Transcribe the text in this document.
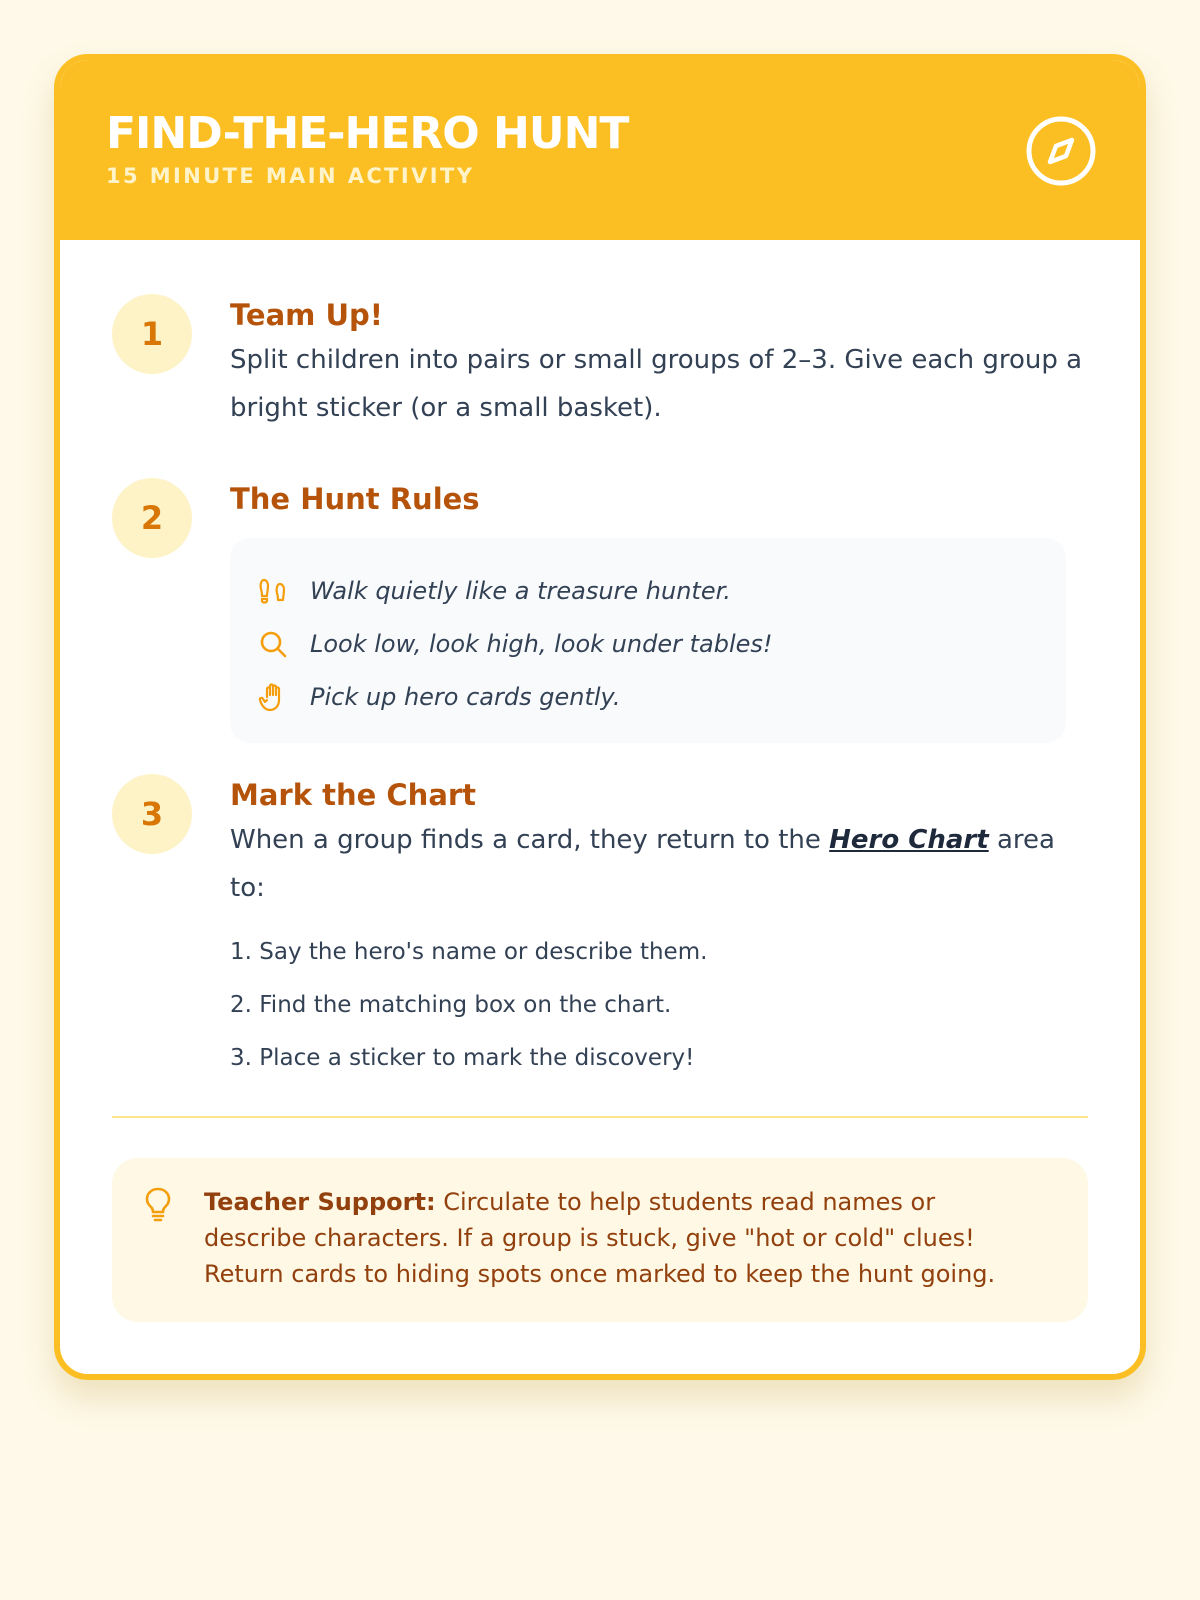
FIND-THE-HERO HUNT
15 MINUTE MAIN ACTIVITY
1	Team Up!
Split children into pairs or small groups of 2–3. Give each group a bright sticker (or a small basket).
2	The Hunt Rules
Walk quietly like a treasure hunter.
Look low, look high, look under tables!
Pick up hero cards gently.
3	Mark the Chart
When a group finds a card, they return to the Hero Chart area to:
1. Say the hero's name or describe them.
2. Find the matching box on the chart.
3. Place a sticker to mark the discovery!
Teacher Support: Circulate to help students read names or describe characters. If a group is stuck, give "hot or cold" clues! Return cards to hiding spots once marked to keep the hunt going.
